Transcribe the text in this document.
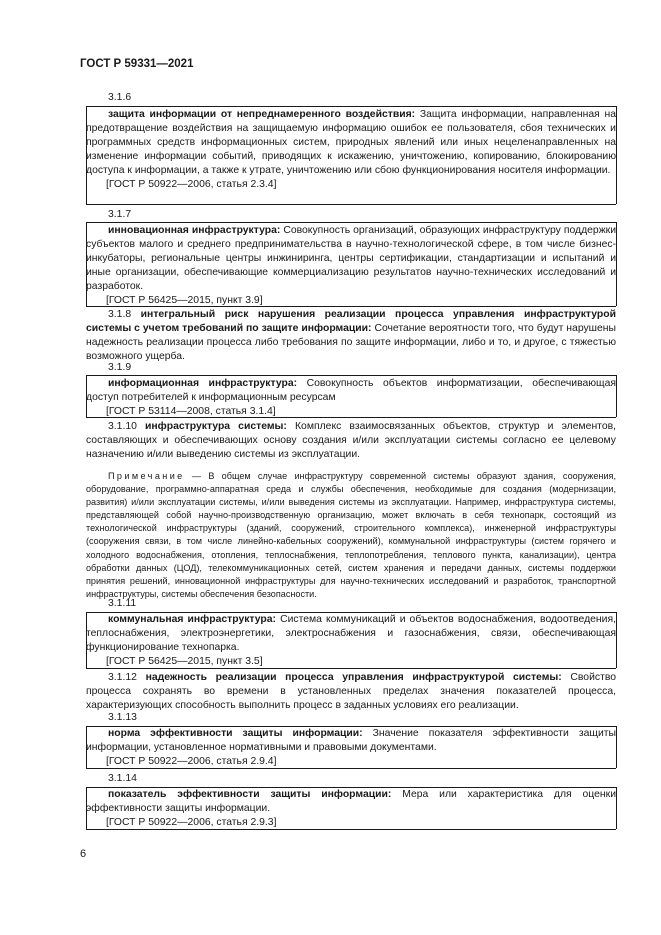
ГОСТ Р 59331—2021
3.1.6
защита информации от непреднамеренного воздействия: Защита информации, направленная на предотвращение воздействия на защищаемую информацию ошибок ее пользователя, сбоя технических и программных средств информационных систем, природных явлений или иных нецеленаправленных на изменение информации событий, приводящих к искажению, уничтожению, копированию, блокированию доступа к информации, а также к утрате, уничтожению или сбою функционирования носителя информации.
[ГОСТ Р 50922—2006, статья 2.3.4]
3.1.7
инновационная инфраструктура: Совокупность организаций, образующих инфраструктуру поддержки субъектов малого и среднего предпринимательства в научно-технологической сфере, в том числе бизнес-инкубаторы, региональные центры инжиниринга, центры сертификации, стандартизации и испытаний и иные организации, обеспечивающие коммерциализацию результатов научно-технических исследований и разработок.
[ГОСТ Р 56425—2015, пункт 3.9]
3.1.8 интегральный риск нарушения реализации процесса управления инфраструктурой системы с учетом требований по защите информации: Сочетание вероятности того, что будут нарушены надежность реализации процесса либо требования по защите информации, либо и то, и другое, с тяжестью возможного ущерба.
3.1.9
информационная инфраструктура: Совокупность объектов информатизации, обеспечивающая доступ потребителей к информационным ресурсам
[ГОСТ Р 53114—2008, статья 3.1.4]
3.1.10 инфраструктура системы: Комплекс взаимосвязанных объектов, структур и элементов, составляющих и обеспечивающих основу создания и/или эксплуатации системы согласно ее целевому назначению и/или выведению системы из эксплуатации.
Примечание — В общем случае инфраструктуру современной системы образуют здания, сооружения, оборудование, программно-аппаратная среда и службы обеспечения, необходимые для создания (модернизации, развития) и/или эксплуатации системы, и/или выведения системы из эксплуатации. Например, инфраструктура системы, представляющей собой научно-производственную организацию, может включать в себя технопарк, состоящий из технологической инфраструктуры (зданий, сооружений, строительного комплекса), инженерной инфраструктуры (сооружения связи, в том числе линейно-кабельных сооружений), коммунальной инфраструктуры (систем горячего и холодного водоснабжения, отопления, теплоснабжения, теплопотребления, теплового пункта, канализации), центра обработки данных (ЦОД), телекоммуникационных сетей, систем хранения и передачи данных, системы поддержки принятия решений, инновационной инфраструктуры для научно-технических исследований и разработок, транспортной инфраструктуры, системы обеспечения безопасности.
3.1.11
коммунальная инфраструктура: Система коммуникаций и объектов водоснабжения, водоотведения, теплоснабжения, электроэнергетики, электроснабжения и газоснабжения, связи, обеспечивающая функционирование технопарка.
[ГОСТ Р 56425—2015, пункт 3.5]
3.1.12 надежность реализации процесса управления инфраструктурой системы: Свойство процесса сохранять во времени в установленных пределах значения показателей процесса, характеризующих способность выполнить процесс в заданных условиях его реализации.
3.1.13
норма эффективности защиты информации: Значение показателя эффективности защиты информации, установленное нормативными и правовыми документами.
[ГОСТ Р 50922—2006, статья 2.9.4]
3.1.14
показатель эффективности защиты информации: Мера или характеристика для оценки эффективности защиты информации.
[ГОСТ Р 50922—2006, статья 2.9.3]
6
